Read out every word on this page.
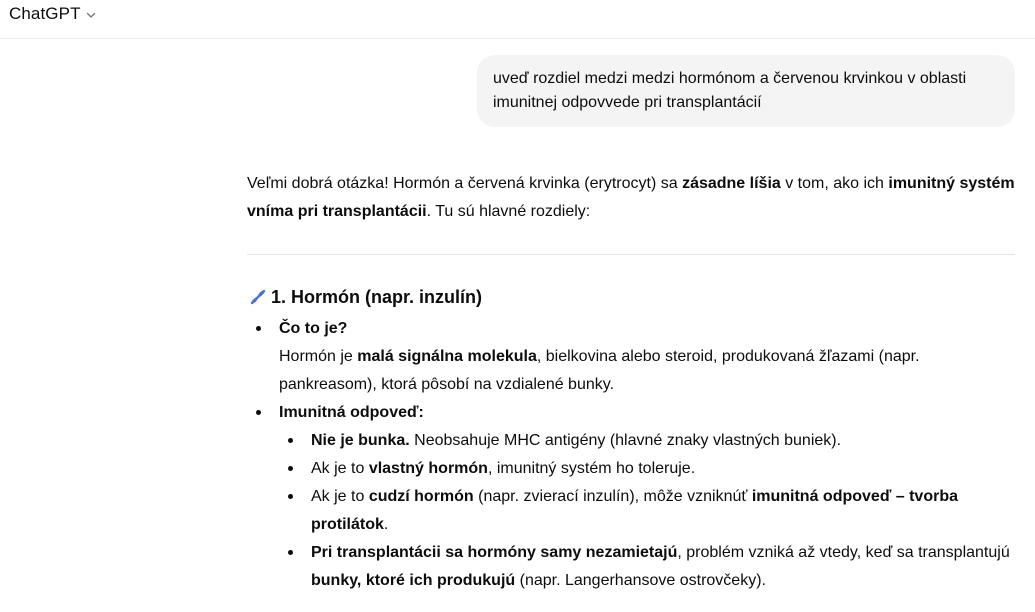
ChatGPT
uveď rozdiel medzi medzi hormónom a červenou krvinkou v oblasti imunitnej odpovvede pri transplantácií

Veľmi dobrá otázka! Hormón a červená krvinka (erytrocyt) sa zásadne líšia v tom, ako ich imunitný systém vníma pri transplantácii. Tu sú hlavné rozdiely:

1. Hormón (napr. inzulín)
Čo to je?
Hormón je malá signálna molekula, bielkovina alebo steroid, produkovaná žľazami (napr. pankreasom), ktorá pôsobí na vzdialené bunky.
Imunitná odpoveď:
Nie je bunka. Neobsahuje MHC antigény (hlavné znaky vlastných buniek).
Ak je to vlastný hormón, imunitný systém ho toleruje.
Ak je to cudzí hormón (napr. zvierací inzulín), môže vzniknúť imunitná odpoveď – tvorba protilátok.
Pri transplantácii sa hormóny samy nezamietajú, problém vzniká až vtedy, keď sa transplantujú bunky, ktoré ich produkujú (napr. Langerhansove ostrovčeky).
